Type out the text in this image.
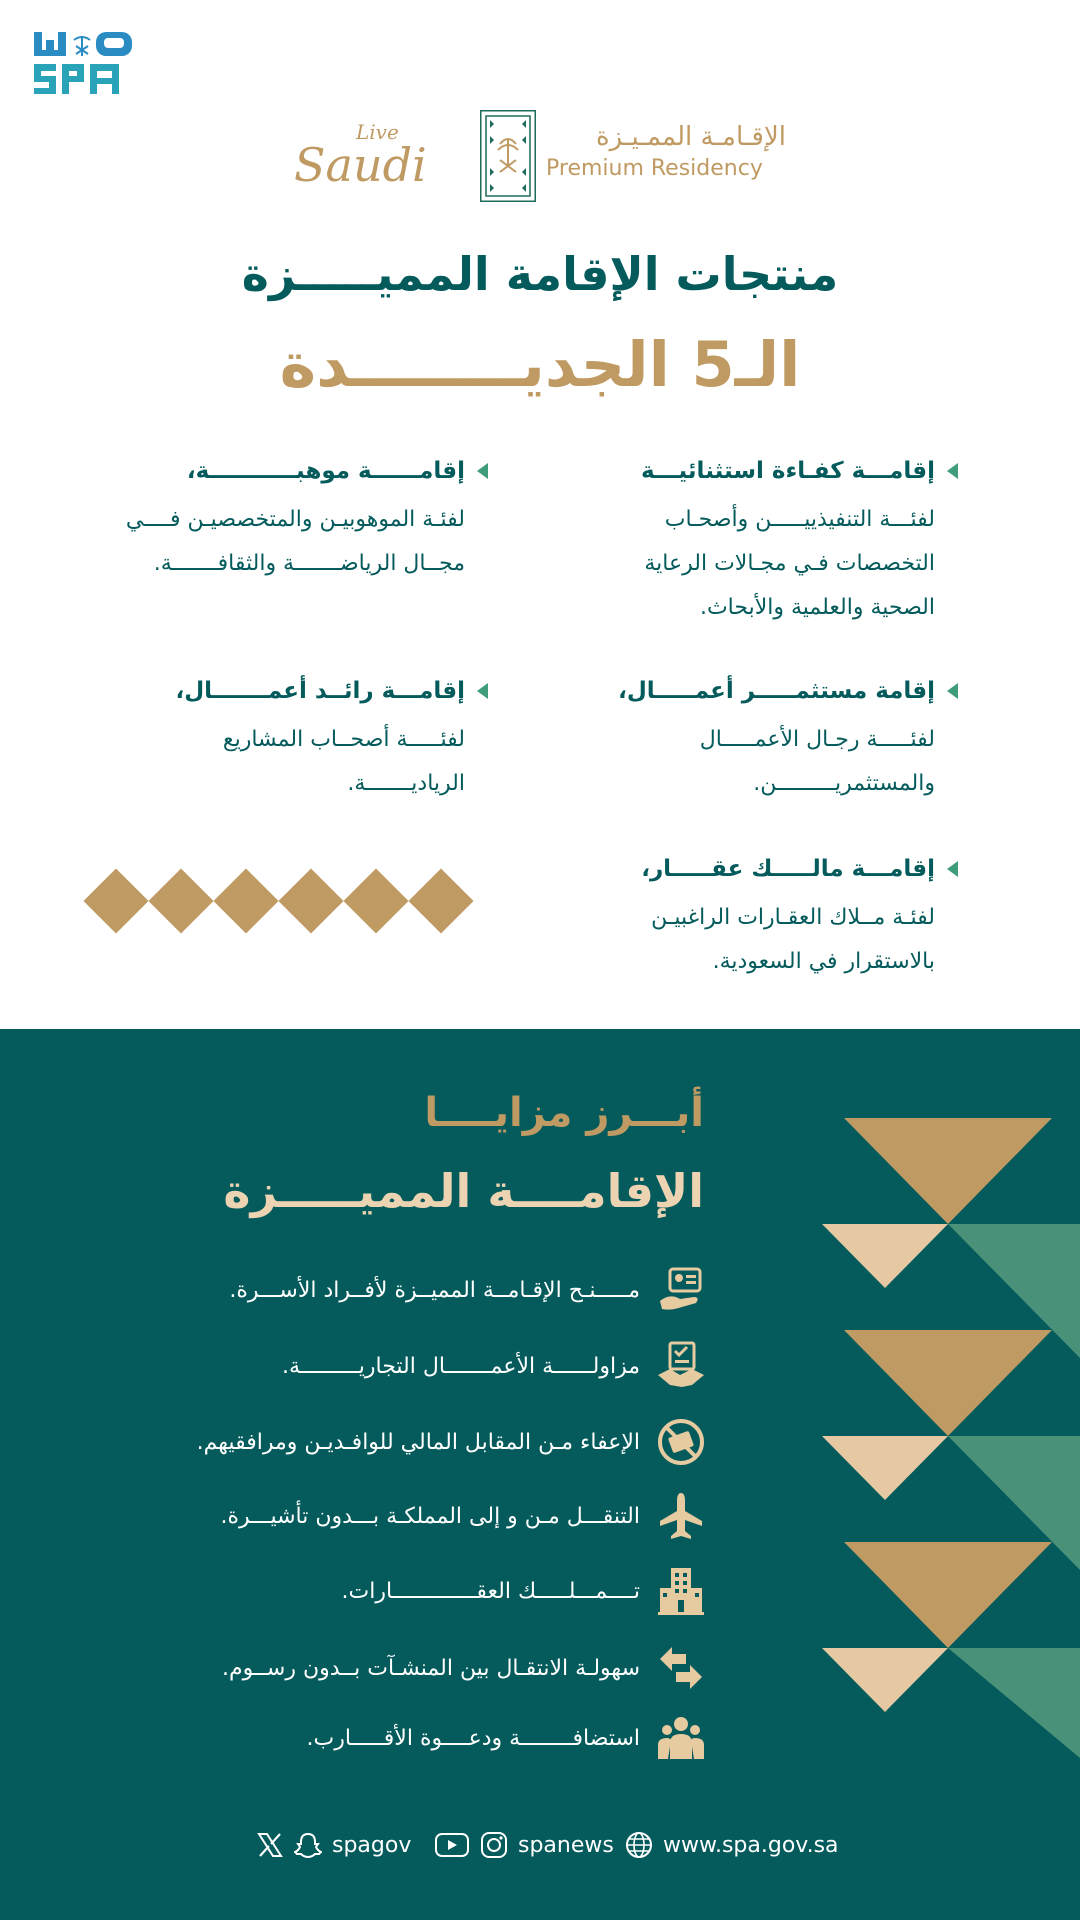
Live
Saudi
الإقـامـة الممـيـزة
Premium Residency
منتجات الإقامة المميـــــزة
الـ5 الجديــــــــدة
إقامـــة كفـاءة استثنائيـــة
لفئـــة التنفيذييـــــن وأصحـاب التخصصات فـي مجـالات الرعاية الصحية والعلمية والأبحاث.
إقامــــــة موهبـــــــــــة،
لفئـة الموهوبيـن والمتخصصيـن فــــي مجــال الرياضـــــــة والثقافـــــــة.
إقامة مستثمـــــر أعمـــــال،
لفئـــــة رجـال الأعمـــــال والمستثمريـــــــــن.
إقامـــة رائــد أعمـــــــال،
لفئـــــة أصحــاب المشاريع الرياديـــــــة.
إقامـــة مالـــــك عقـــــار،
لفئـة مــلاك العقـارات الراغبيـن بالاستقرار في السعودية.
أبـــرز مزايــــا
الإقامــــة المميـــــزة
مـــــنـح الإقـامــة المميــزة لأفــراد الأســـرة.
مزاولــــــة الأعمـــــــال التجاريـــــــــة.
الإعفاء مـن المقابل المالي للوافـديـن ومرافقيهم.
التنقـــل مـن و إلى المملكـة بـــدون تأشيـــرة.
تــــمـــلـــــك العقـــــــــــــارات.
سهولـة الانتقـال بين المنشـآت بــدون رســوم.
استضافــــــــة ودعــــوة الأقـــــارب.
spagov	spanews www.spa.gov.sa
